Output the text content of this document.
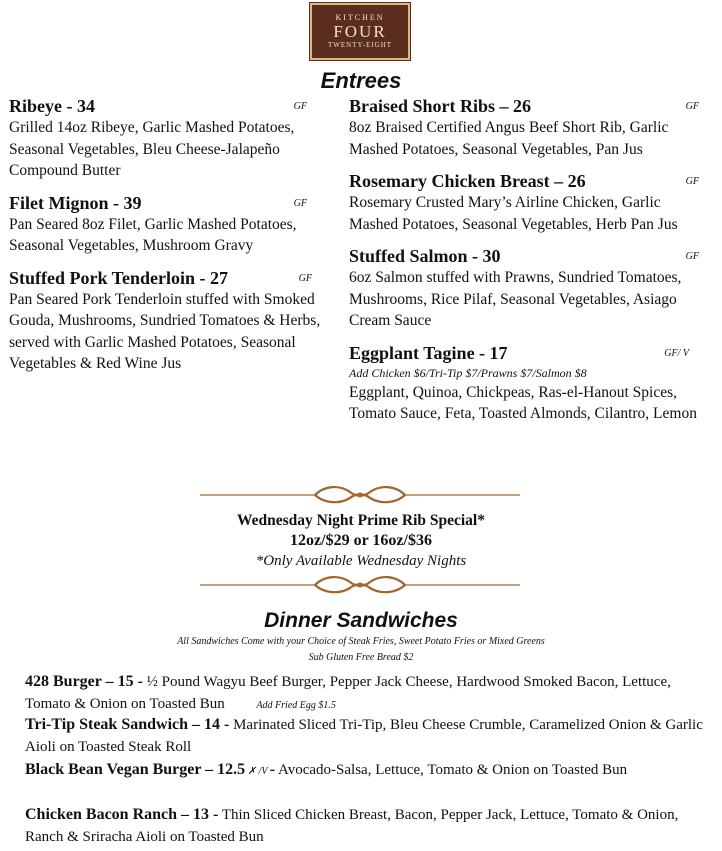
KITCHEN
FOUR
TWENTY-EIGHT
Entrees
Ribeye - 34	GF
Grilled 14oz Ribeye, Garlic Mashed Potatoes, Seasonal Vegetables, Bleu Cheese-Jalapeño Compound Butter
Filet Mignon - 39	GF
Pan Seared 8oz Filet, Garlic Mashed Potatoes, Seasonal Vegetables, Mushroom Gravy
Stuffed Pork Tenderloin - 27	GF
Pan Seared Pork Tenderloin stuffed with Smoked Gouda, Mushrooms, Sundried Tomatoes & Herbs, served with Garlic Mashed Potatoes, Seasonal Vegetables & Red Wine Jus
Braised Short Ribs – 26	GF
8oz Braised Certified Angus Beef Short Rib, Garlic Mashed Potatoes, Seasonal Vegetables, Pan Jus
Rosemary Chicken Breast – 26	GF
Rosemary Crusted Mary’s Airline Chicken, Garlic Mashed Potatoes, Seasonal Vegetables, Herb Pan Jus
Stuffed Salmon - 30	GF
6oz Salmon stuffed with Prawns, Sundried Tomatoes, Mushrooms, Rice Pilaf, Seasonal Vegetables, Asiago Cream Sauce
Eggplant Tagine - 17	GF/ V
Add Chicken $6/Tri-Tip $7/Prawns $7/Salmon $8
Eggplant, Quinoa, Chickpeas, Ras-el-Hanout Spices, Tomato Sauce, Feta, Toasted Almonds, Cilantro, Lemon
Wednesday Night Prime Rib Special*
12oz/$29 or 16oz/$36
*Only Available Wednesday Nights
Dinner Sandwiches
All Sandwiches Come with your Choice of Steak Fries, Sweet Potato Fries or Mixed Greens
Sub Gluten Free Bread $2
428 Burger – 15 - ½ Pound Wagyu Beef Burger, Pepper Jack Cheese, Hardwood Smoked Bacon, Lettuce, Tomato & Onion on Toasted Bun	Add Fried Egg $1.5
Tri-Tip Steak Sandwich – 14 - Marinated Sliced Tri-Tip, Bleu Cheese Crumble, Caramelized Onion & Garlic Aioli on Toasted Steak Roll
Black Bean Vegan Burger – 12.5 ✗ /V - Avocado-Salsa, Lettuce, Tomato & Onion on Toasted Bun
Chicken Bacon Ranch – 13 - Thin Sliced Chicken Breast, Bacon, Pepper Jack, Lettuce, Tomato & Onion, Ranch & Sriracha Aioli on Toasted Bun
